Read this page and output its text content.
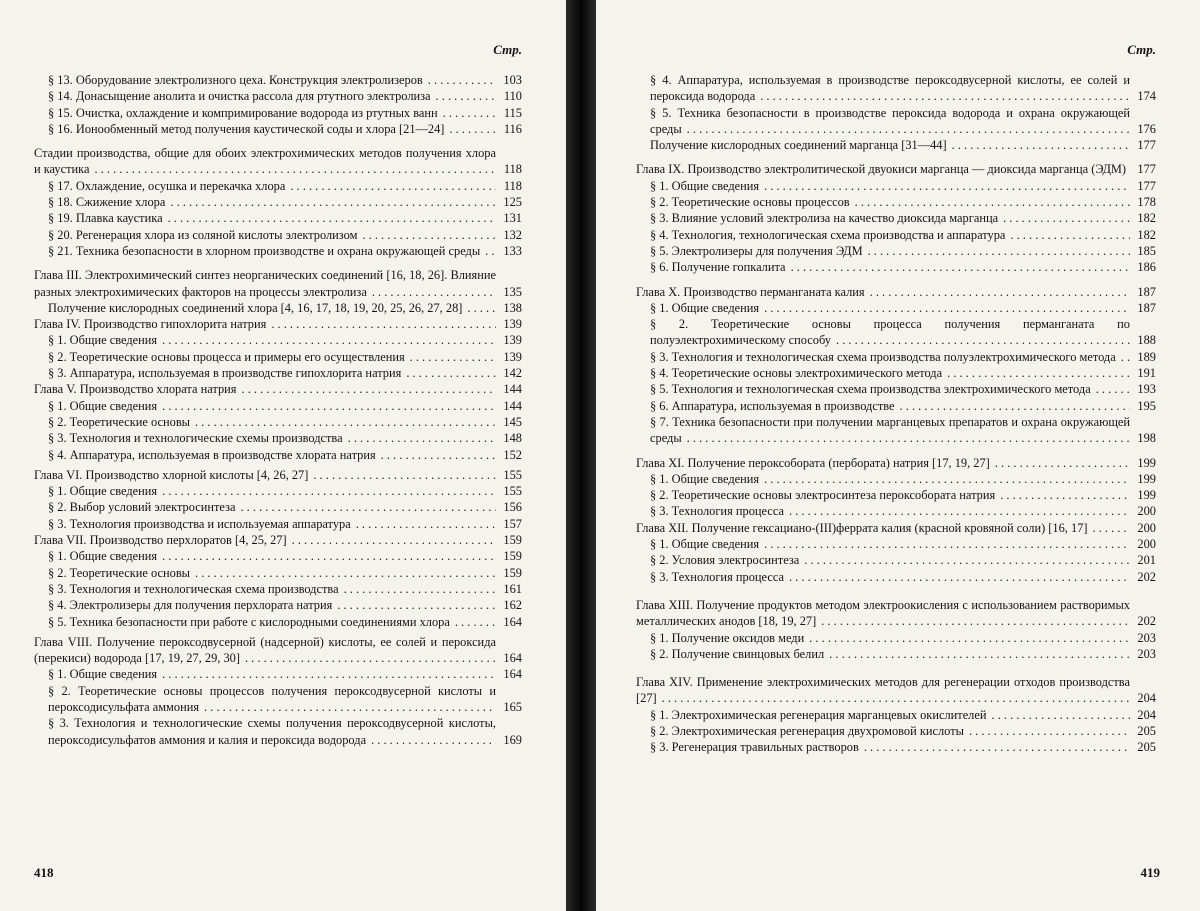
Стр.
§ 13. Оборудование электролизного цеха. Конструкция электролизеров . . .	103
§ 14. Донасыщение анолита и очистка рассола для ртутного электролиза . . .	110
§ 15. Очистка, охлаждение и компримирование водорода из ртутных ванн . . .	115
§ 16. Ионообменный метод получения каустической соды и хлора [21—24] . . .	116
Стадии производства, общие для обоих электрохимических методов получения хлора и каустика . . .	118
§ 17. Охлаждение, осушка и перекачка хлора . . .	118
§ 18. Сжижение хлора . . .	125
§ 19. Плавка каустика . . .	131
§ 20. Регенерация хлора из соляной кислоты электролизом . . .	132
§ 21. Техника безопасности в хлорном производстве и охрана окружающей среды . . .	133
Глава III. Электрохимический синтез неорганических соединений [16, 18, 26]. Влияние разных электрохимических факторов на процессы электролиза . . .	135
Получение кислородных соединений хлора [4, 16, 17, 18, 19, 20, 25, 26, 27, 28] . . .	138
Глава IV. Производство гипохлорита натрия . . .	139
§ 1. Общие сведения . . .	139
§ 2. Теоретические основы процесса и примеры его осуществления . . .	139
§ 3. Аппаратура, используемая в производстве гипохлорита натрия . . .	142
Глава V. Производство хлората натрия . . .	144
§ 1. Общие сведения . . .	144
§ 2. Теоретические основы . . .	145
§ 3. Технология и технологические схемы производства . . .	148
§ 4. Аппаратура, используемая в производстве хлората натрия . . .	152
Глава VI. Производство хлорной кислоты [4, 26, 27] . . .	155
§ 1. Общие сведения . . .	155
§ 2. Выбор условий электросинтеза . . .	156
§ 3. Технология производства и используемая аппаратура . . .	157
Глава VII. Производство перхлоратов [4, 25, 27] . . .	159
§ 1. Общие сведения . . .	159
§ 2. Теоретические основы . . .	159
§ 3. Технология и технологическая схема производства . . .	161
§ 4. Электролизеры для получения перхлората натрия . . .	162
§ 5. Техника безопасности при работе с кислородными соединениями хлора . . .	164
Глава VIII. Получение пероксодвусерной (надсерной) кислоты, ее солей и пероксида (перекиси) водорода [17, 19, 27, 29, 30] . . .	164
§ 1. Общие сведения . . .	164
§ 2. Теоретические основы процессов получения пероксодвусерной кислоты и пероксодисульфата аммония . . .	165
§ 3. Технология и технологические схемы получения пероксодвусерной кислоты, пероксодисульфатов аммония и калия и пероксида водорода . . .	169
418
Стр.
§ 4. Аппаратура, используемая в производстве пероксодвусерной кислоты, ее солей и пероксида водорода . . .	174
§ 5. Техника безопасности в производстве пероксида водорода и охрана окружающей среды . . .	176
Получение кислородных соединений марганца [31—44] . . .	177
Глава IX. Производство электролитической двуокиси марганца — диоксида марганца (ЭДМ) . . . 177
§ 1. Общие сведения . . .	177
§ 2. Теоретические основы процессов . . .	178
§ 3. Влияние условий электролиза на качество диоксида марганца . . .	182
§ 4. Технология, технологическая схема производства и аппаратура . . .	182
§ 5. Электролизеры для получения ЭДМ . . .	185
§ 6. Получение гопкалита . . .	186
Глава X. Производство перманганата калия . . .	187
§ 1. Общие сведения . . .	187
§ 2. Теоретические основы процесса получения перманганата по полуэлектрохимическому способу . . .	188
§ 3. Технология и технологическая схема производства полуэлектрохимического метода . . .	189
§ 4. Теоретические основы электрохимического метода . . .	191
§ 5. Технология и технологическая схема производства электрохимического метода . . .	193
§ 6. Аппаратура, используемая в производстве . . .	195
§ 7. Техника безопасности при получении марганцевых препаратов и охрана окружающей среды . . .	198
Глава XI. Получение пероксобората (пербората) натрия [17, 19, 27] . . .	199
§ 1. Общие сведения . . .	199
§ 2. Теоретические основы электросинтеза пероксобората натрия . . .	199
§ 3. Технология процесса . . .	200
Глава XII. Получение гексациано-(III)феррата калия (красной кровяной соли) [16, 17] . . .	200
§ 1. Общие сведения . . .	200
§ 2. Условия электросинтеза . . .	201
§ 3. Технология процесса . . .	202
Глава XIII. Получение продуктов методом электроокисления с использованием растворимых металлических анодов [18, 19, 27] . . .	202
§ 1. Получение оксидов меди . . .	203
§ 2. Получение свинцовых белил . . .	203
Глава XIV. Применение электрохимических методов для регенерации отходов производства [27] . . .	204
§ 1. Электрохимическая регенерация марганцевых окислителей . . .	204
§ 2. Электрохимическая регенерация двухромовой кислоты . . .	205
§ 3. Регенерация травильных растворов . . .	205
419
